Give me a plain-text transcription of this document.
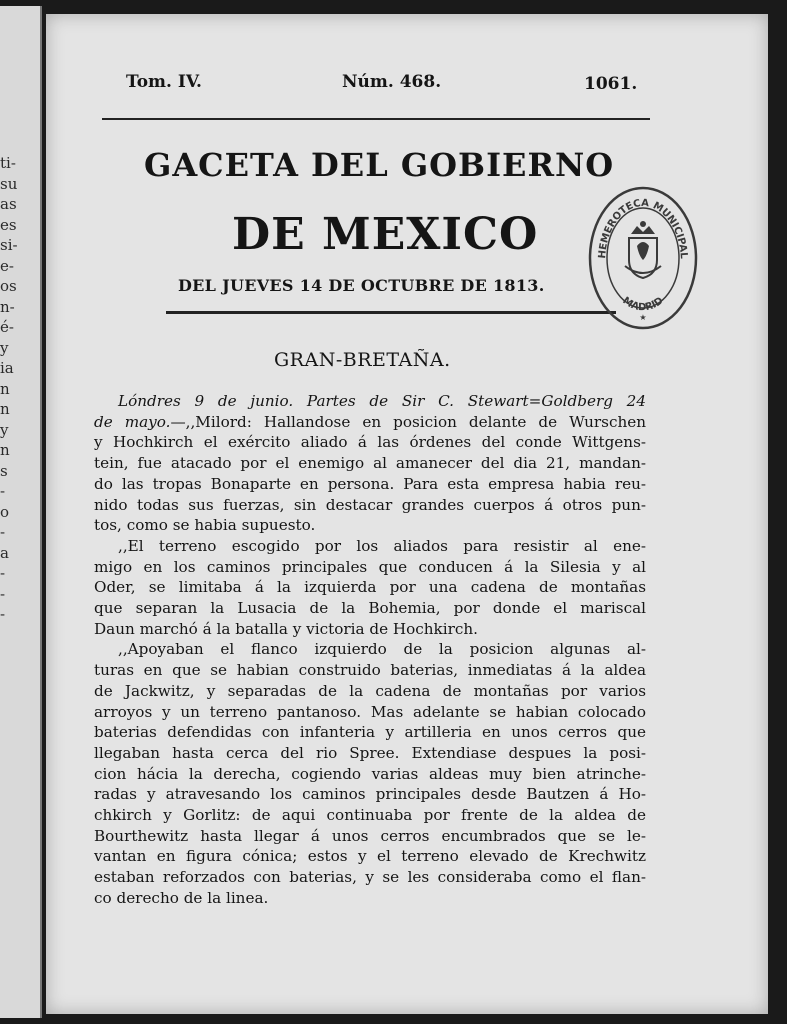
ti-
su
as
es
si-
e-
os
n-
é-
y
ia
n
n
y
n
s
-
o
-
a
-
-
-
Tom. IV.	Núm. 468.	1061.
⌣⌢⌣
GACETA DEL GOBIERNO
DE MEXICO
DEL JUEVES 14 DE OCTUBRE DE 1813.
HEMEROTECA MUNICIPAL
MADRID
★
GRAN-BRETAÑA.

Lóndres 9 de junio. Partes de Sir C. Stewart=Goldberg 24
de mayo.—,,Milord: Hallandose en posicion delante de Wurschen
y Hochkirch el exército aliado á las órdenes del conde Wittgens-
tein, fue atacado por el enemigo al amanecer del dia 21, mandan-
do las tropas Bonaparte en persona. Para esta empresa habia reu-
nido todas sus fuerzas, sin destacar grandes cuerpos á otros pun-
tos, como se habia supuesto.

,,El terreno escogido por los aliados para resistir al ene-
migo en los caminos principales que conducen á la Silesia y al
Oder, se limitaba á la izquierda por una cadena de montañas
que separan la Lusacia de la Bohemia, por donde el mariscal
Daun marchó á la batalla y victoria de Hochkirch.

,,Apoyaban el flanco izquierdo de la posicion algunas al-
turas en que se habian construido baterias, inmediatas á la aldea
de Jackwitz, y separadas de la cadena de montañas por varios
arroyos y un terreno pantanoso. Mas adelante se habian colocado
baterias defendidas con infanteria y artilleria en unos cerros que
llegaban hasta cerca del rio Spree. Extendiase despues la posi-
cion hácia la derecha, cogiendo varias aldeas muy bien atrinche-
radas y atravesando los caminos principales desde Bautzen á Ho-
chkirch y Gorlitz: de aqui continuaba por frente de la aldea de
Bourthewitz hasta llegar á unos cerros encumbrados que se le-
vantan en figura cónica; estos y el terreno elevado de Krechwitz
estaban reforzados con baterias, y se les consideraba como el flan-
co derecho de la linea.
